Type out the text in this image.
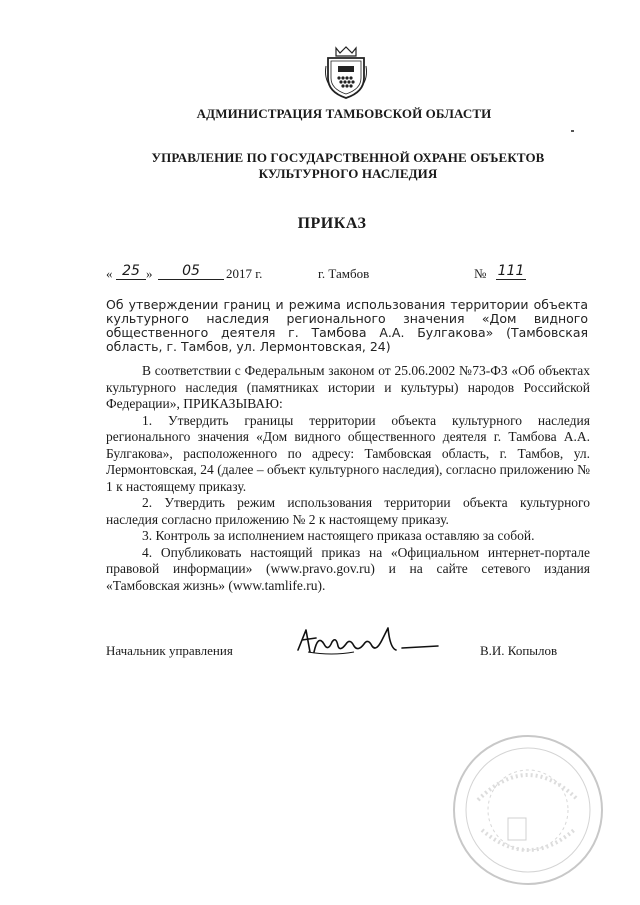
АДМИНИСТРАЦИЯ ТАМБОВСКОЙ ОБЛАСТИ
УПРАВЛЕНИЕ ПО ГОСУДАРСТВЕННОЙ ОХРАНЕ ОБЪЕКТОВ
КУЛЬТУРНОГО НАСЛЕДИЯ
ПРИКАЗ
« 25 »	05	2017 г.	г. Тамбов	№ 111
Об утверждении границ и режима использования территории объекта культурного наследия регионального значения «Дом видного общественного деятеля г. Тамбова А.А. Булгакова» (Тамбовская область, г. Тамбов, ул. Лермонтовская, 24)

В соответствии с Федеральным законом от 25.06.2002 №73-ФЗ «Об объектах культурного наследия (памятниках истории и культуры) народов Российской Федерации», ПРИКАЗЫВАЮ:

1. Утвердить границы территории объекта культурного наследия регионального значения «Дом видного общественного деятеля г. Тамбова А.А. Булгакова», расположенного по адресу: Тамбовская область, г. Тамбов, ул. Лермонтовская, 24 (далее – объект культурного наследия), согласно приложению № 1 к настоящему приказу.

2. Утвердить режим использования территории объекта культурного наследия согласно приложению № 2 к настоящему приказу.

3. Контроль за исполнением настоящего приказа оставляю за собой.

4. Опубликовать настоящий приказ на «Официальном интернет-портале правовой информации» (www.pravo.gov.ru) и на сайте сетевого издания «Тамбовская жизнь» (www.tamlife.ru).

Начальник управления	В.И. Копылов
